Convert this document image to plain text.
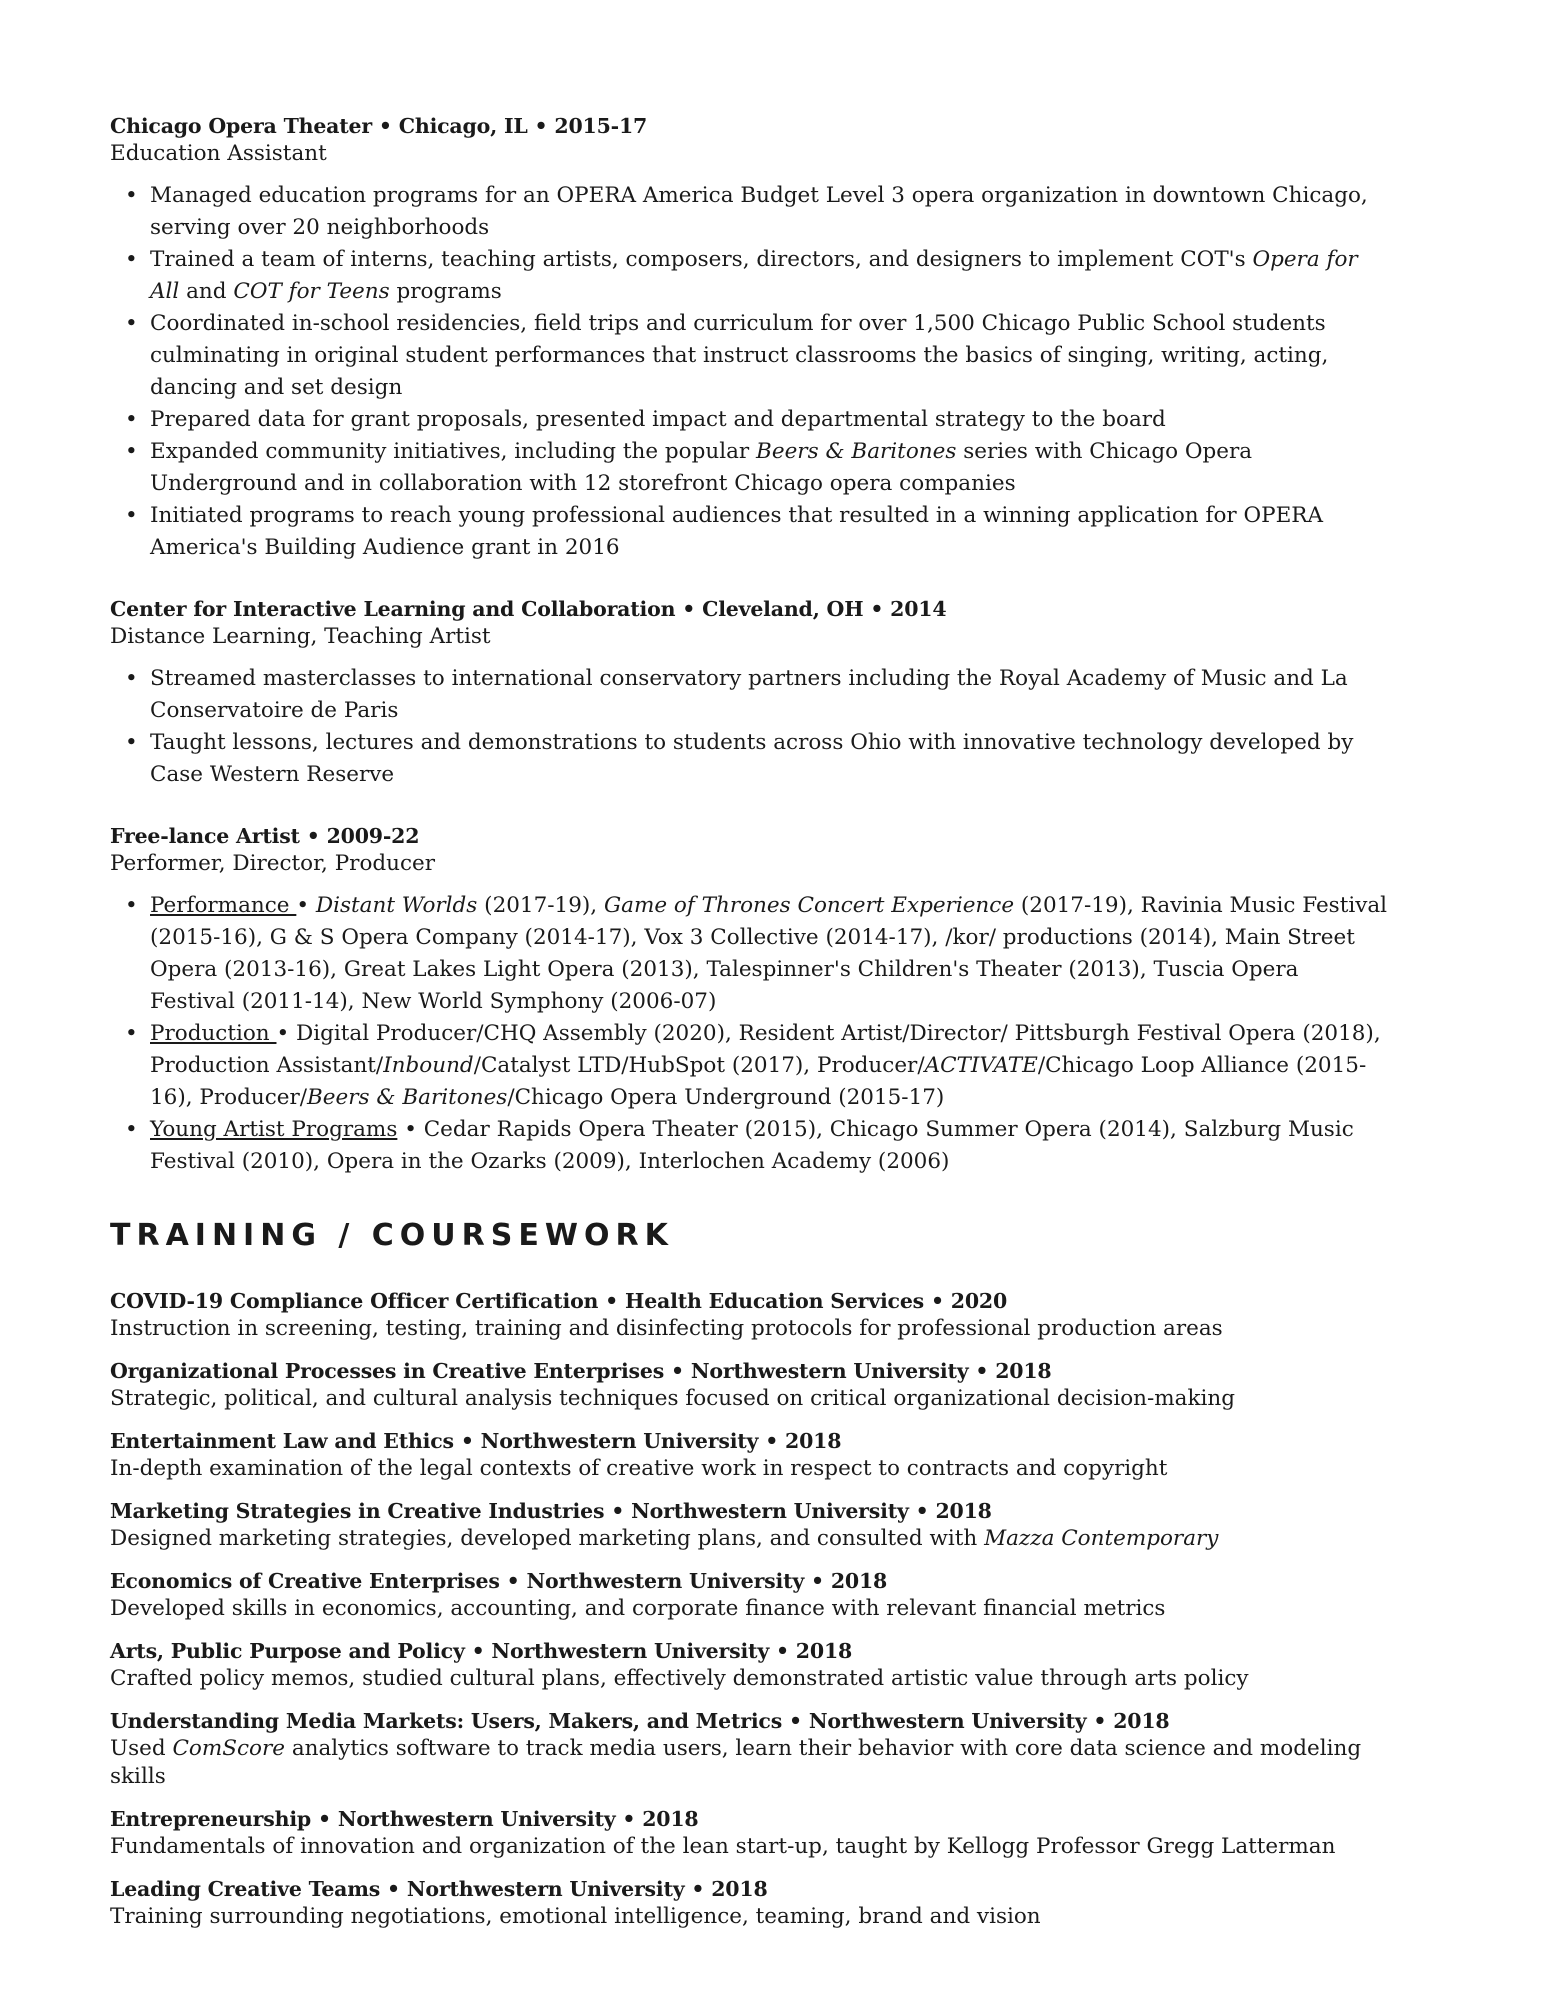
Chicago Opera Theater • Chicago, IL • 2015-17
Education Assistant
• Managed education programs for an OPERA America Budget Level 3 opera organization in downtown Chicago, serving over 20 neighborhoods
• Trained a team of interns, teaching artists, composers, directors, and designers to implement COT's Opera for All and COT for Teens programs
• Coordinated in-school residencies, field trips and curriculum for over 1,500 Chicago Public School students culminating in original student performances that instruct classrooms the basics of singing, writing, acting, dancing and set design
• Prepared data for grant proposals, presented impact and departmental strategy to the board
• Expanded community initiatives, including the popular Beers & Baritones series with Chicago Opera Underground and in collaboration with 12 storefront Chicago opera companies
• Initiated programs to reach young professional audiences that resulted in a winning application for OPERA America's Building Audience grant in 2016
Center for Interactive Learning and Collaboration • Cleveland, OH • 2014
Distance Learning, Teaching Artist
• Streamed masterclasses to international conservatory partners including the Royal Academy of Music and La Conservatoire de Paris
• Taught lessons, lectures and demonstrations to students across Ohio with innovative technology developed by Case Western Reserve
Free-lance Artist • 2009-22
Performer, Director, Producer
• Performance • Distant Worlds (2017-19), Game of Thrones Concert Experience (2017-19), Ravinia Music Festival (2015-16), G & S Opera Company (2014-17), Vox 3 Collective (2014-17), /kor/ productions (2014), Main Street Opera (2013-16), Great Lakes Light Opera (2013), Talespinner's Children's Theater (2013), Tuscia Opera Festival (2011-14), New World Symphony (2006-07)
• Production • Digital Producer/CHQ Assembly (2020), Resident Artist/Director/ Pittsburgh Festival Opera (2018), Production Assistant/Inbound/Catalyst LTD/HubSpot (2017), Producer/ACTIVATE/Chicago Loop Alliance (2015-16), Producer/Beers & Baritones/Chicago Opera Underground (2015-17)
• Young Artist Programs • Cedar Rapids Opera Theater (2015), Chicago Summer Opera (2014), Salzburg Music Festival (2010), Opera in the Ozarks (2009), Interlochen Academy (2006)
TRAINING / COURSEWORK
COVID-19 Compliance Officer Certification • Health Education Services • 2020
Instruction in screening, testing, training and disinfecting protocols for professional production areas
Organizational Processes in Creative Enterprises • Northwestern University • 2018
Strategic, political, and cultural analysis techniques focused on critical organizational decision-making
Entertainment Law and Ethics • Northwestern University • 2018
In-depth examination of the legal contexts of creative work in respect to contracts and copyright
Marketing Strategies in Creative Industries • Northwestern University • 2018
Designed marketing strategies, developed marketing plans, and consulted with Mazza Contemporary
Economics of Creative Enterprises • Northwestern University • 2018
Developed skills in economics, accounting, and corporate finance with relevant financial metrics
Arts, Public Purpose and Policy • Northwestern University • 2018
Crafted policy memos, studied cultural plans, effectively demonstrated artistic value through arts policy
Understanding Media Markets: Users, Makers, and Metrics • Northwestern University • 2018
Used ComScore analytics software to track media users, learn their behavior with core data science and modeling skills
Entrepreneurship • Northwestern University • 2018
Fundamentals of innovation and organization of the lean start-up, taught by Kellogg Professor Gregg Latterman
Leading Creative Teams • Northwestern University • 2018
Training surrounding negotiations, emotional intelligence, teaming, brand and vision
